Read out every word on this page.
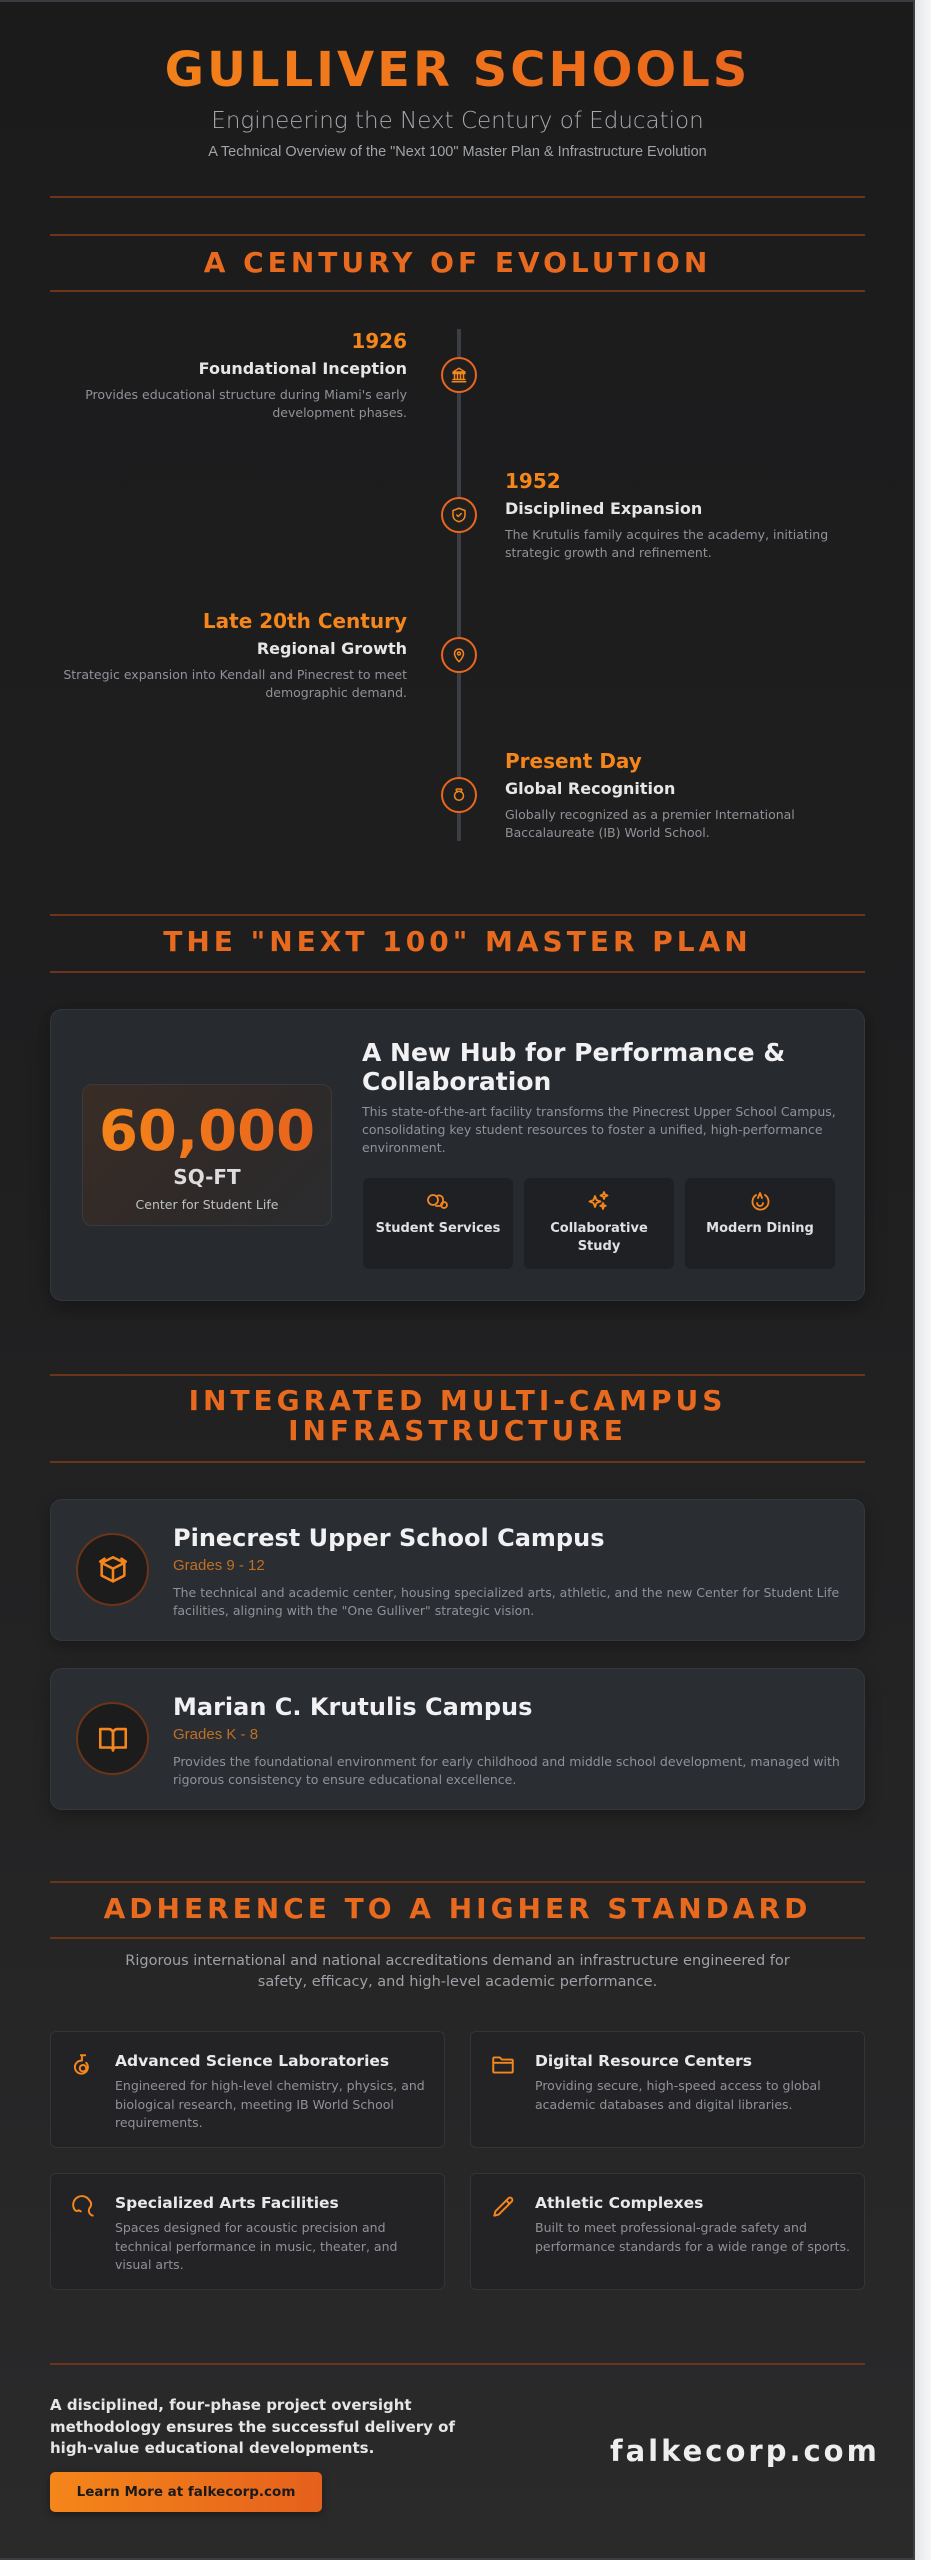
GULLIVER SCHOOLS
Engineering the Next Century of Education
A Technical Overview of the "Next 100" Master Plan & Infrastructure Evolution
A CENTURY OF EVOLUTION
1926
Foundational Inception
Provides educational structure during Miami's early development phases.
1952
Disciplined Expansion
The Krutulis family acquires the academy, initiating strategic growth and refinement.
Late 20th Century
Regional Growth
Strategic expansion into Kendall and Pinecrest to meet demographic demand.
Present Day
Global Recognition
Globally recognized as a premier International Baccalaureate (IB) World School.
THE "NEXT 100" MASTER PLAN
60,000
SQ-FT
Center for Student Life
A New Hub for Performance & Collaboration
This state-of-the-art facility transforms the Pinecrest Upper School Campus, consolidating key student resources to foster a unified, high-performance environment.
Student Services	Collaborative Study
Modern Dining
INTEGRATED MULTI-CAMPUS
INFRASTRUCTURE
Pinecrest Upper School Campus
Grades 9 - 12
The technical and academic center, housing specialized arts, athletic, and the new Center for Student Life facilities, aligning with the "One Gulliver" strategic vision.
Marian C. Krutulis Campus
Grades K - 8
Provides the foundational environment for early childhood and middle school development, managed with rigorous consistency to ensure educational excellence.
ADHERENCE TO A HIGHER STANDARD
Rigorous international and national accreditations demand an infrastructure engineered for safety, efficacy, and high-level academic performance.
Advanced Science Laboratories
Engineered for high-level chemistry, physics, and biological research, meeting IB World School requirements.
Digital Resource Centers
Providing secure, high-speed access to global academic databases and digital libraries.
Specialized Arts Facilities
Spaces designed for acoustic precision and technical performance in music, theater, and visual arts.
Athletic Complexes
Built to meet professional-grade safety and performance standards for a wide range of sports.
A disciplined, four-phase project oversight methodology ensures the successful delivery of high-value educational developments.
Learn More at falkecorp.com
falkecorp.com
